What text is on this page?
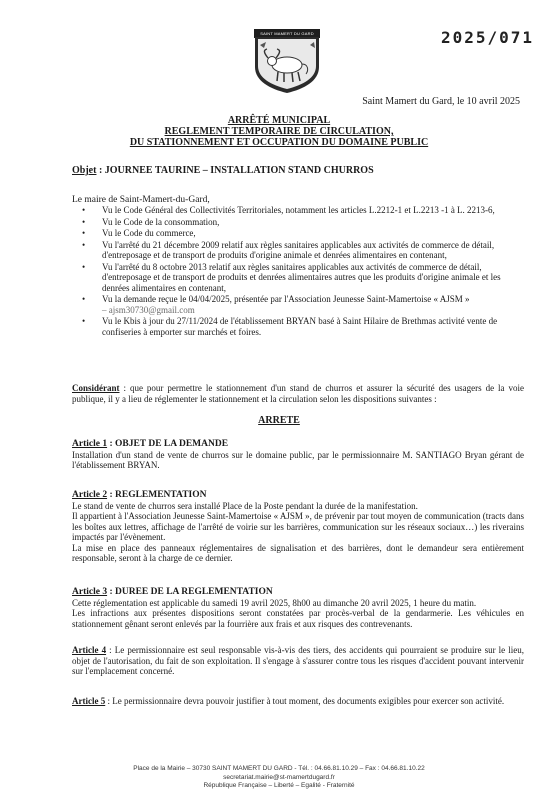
SAINT MAMERT DU GARD	2025/071
Saint Mamert du Gard, le 10 avril 2025
ARRÊTÉ MUNICIPAL
REGLEMENT TEMPORAIRE DE CIRCULATION,
DU STATIONNEMENT ET OCCUPATION DU DOMAINE PUBLIC
Objet : JOURNEE TAURINE – INSTALLATION STAND CHURROS
Le maire de Saint-Mamert-du-Gard,
• Vu le Code Général des Collectivités Territoriales, notamment les articles L.2212-1 et L.2213 -1 à L. 2213-6,
• Vu le Code de la consommation,
• Vu le Code du commerce,
• Vu l'arrêté du 21 décembre 2009 relatif aux règles sanitaires applicables aux activités de commerce de détail, d'entreposage et de transport de produits d'origine animale et denrées alimentaires en contenant,
• Vu l'arrêté du 8 octobre 2013 relatif aux règles sanitaires applicables aux activités de commerce de détail, d'entreposage et de transport de produits et denrées alimentaires autres que les produits d'origine animale et les denrées alimentaires en contenant,
• Vu la demande reçue le 04/04/2025, présentée par l'Association Jeunesse Saint-Mamertoise « AJSM »
– ajsm30730@gmail.com
• Vu le Kbis à jour du 27/11/2024 de l'établissement BRYAN basé à Saint Hilaire de Brethmas activité vente de confiseries à emporter sur marchés et foires.
Considérant : que pour permettre le stationnement d'un stand de churros et assurer la sécurité des usagers de la voie publique, il y a lieu de réglementer le stationnement et la circulation selon les dispositions suivantes :
ARRETE
Article 1 : OBJET DE LA DEMANDE
Installation d'un stand de vente de churros sur le domaine public, par le permissionnaire M. SANTIAGO Bryan gérant de l'établissement BRYAN.
Article 2 : REGLEMENTATION
Le stand de vente de churros sera installé Place de la Poste pendant la durée de la manifestation.
Il appartient à l'Association Jeunesse Saint-Mamertoise « AJSM », de prévenir par tout moyen de communication (tracts dans les boîtes aux lettres, affichage de l'arrêté de voirie sur les barrières, communication sur les réseaux sociaux…) les riverains impactés par l'évènement.
La mise en place des panneaux réglementaires de signalisation et des barrières, dont le demandeur sera entièrement responsable, seront à la charge de ce dernier.
Article 3 : DUREE DE LA REGLEMENTATION
Cette réglementation est applicable du samedi 19 avril 2025, 8h00 au dimanche 20 avril 2025, 1 heure du matin.
Les infractions aux présentes dispositions seront constatées par procès-verbal de la gendarmerie. Les véhicules en stationnement gênant seront enlevés par la fourrière aux frais et aux risques des contrevenants.
Article 4 : Le permissionnaire est seul responsable vis-à-vis des tiers, des accidents qui pourraient se produire sur le lieu, objet de l'autorisation, du fait de son exploitation. Il s'engage à s'assurer contre tous les risques d'accident pouvant intervenir sur l'emplacement concerné.
Article 5 : Le permissionnaire devra pouvoir justifier à tout moment, des documents exigibles pour exercer son activité.
Place de la Mairie – 30730 SAINT MAMERT DU GARD - Tél. : 04.66.81.10.29 – Fax : 04.66.81.10.22
secretariat.mairie@st-mamertdugard.fr
République Française – Liberté – Egalité - Fraternité
